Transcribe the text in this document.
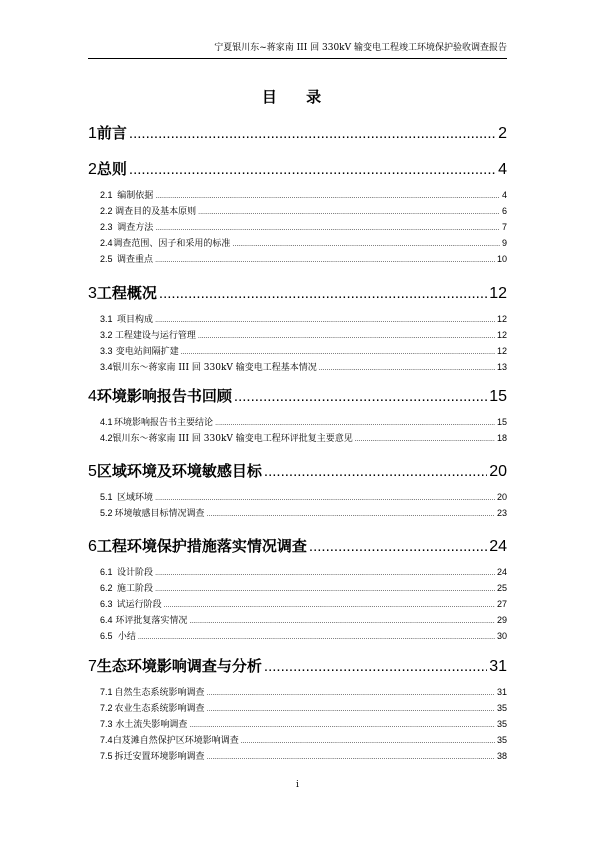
宁夏银川东~蒋家南 III 回 330kV 输变电工程竣工环境保护验收调查报告
目 录
1 前言 .....	2
2 总则 .....	4
2.1 编制依据 .....	4
2.2 调查目的及基本原则 .....	6
2.3 调查方法 .....	7
2.4 调查范围、因子和采用的标准 .....	9
2.5 调查重点 .....	10
3 工程概况 .....	12
3.1 项目构成 .....	12
3.2 工程建设与运行管理 .....	12
3.3 变电站间隔扩建 .....	12
3.4 银川东～蒋家南 III 回 330kV 输变电工程基本情况 .....	13
4 环境影响报告书回顾 .....	15
4.1 环境影响报告书主要结论 .....	15
4.2 银川东～蒋家南 III 回 330kV 输变电工程环评批复主要意见 .....	18
5 区域环境及环境敏感目标 .....	20
5.1 区域环境 .....	20
5.2 环境敏感目标情况调查 .....	23
6 工程环境保护措施落实情况调查 .....	24
6.1 设计阶段 .....	24
6.2 施工阶段 .....	25
6.3 试运行阶段 .....	27
6.4 环评批复落实情况 .....	29
6.5 小结 .....	30
7 生态环境影响调查与分析 .....	31
7.1 自然生态系统影响调查 .....	31
7.2 农业生态系统影响调查 .....	35
7.3 水土流失影响调查 .....	35
7.4 白芨滩自然保护区环境影响调查 .....	35
7.5 拆迁安置环境影响调查 .....	38
i
